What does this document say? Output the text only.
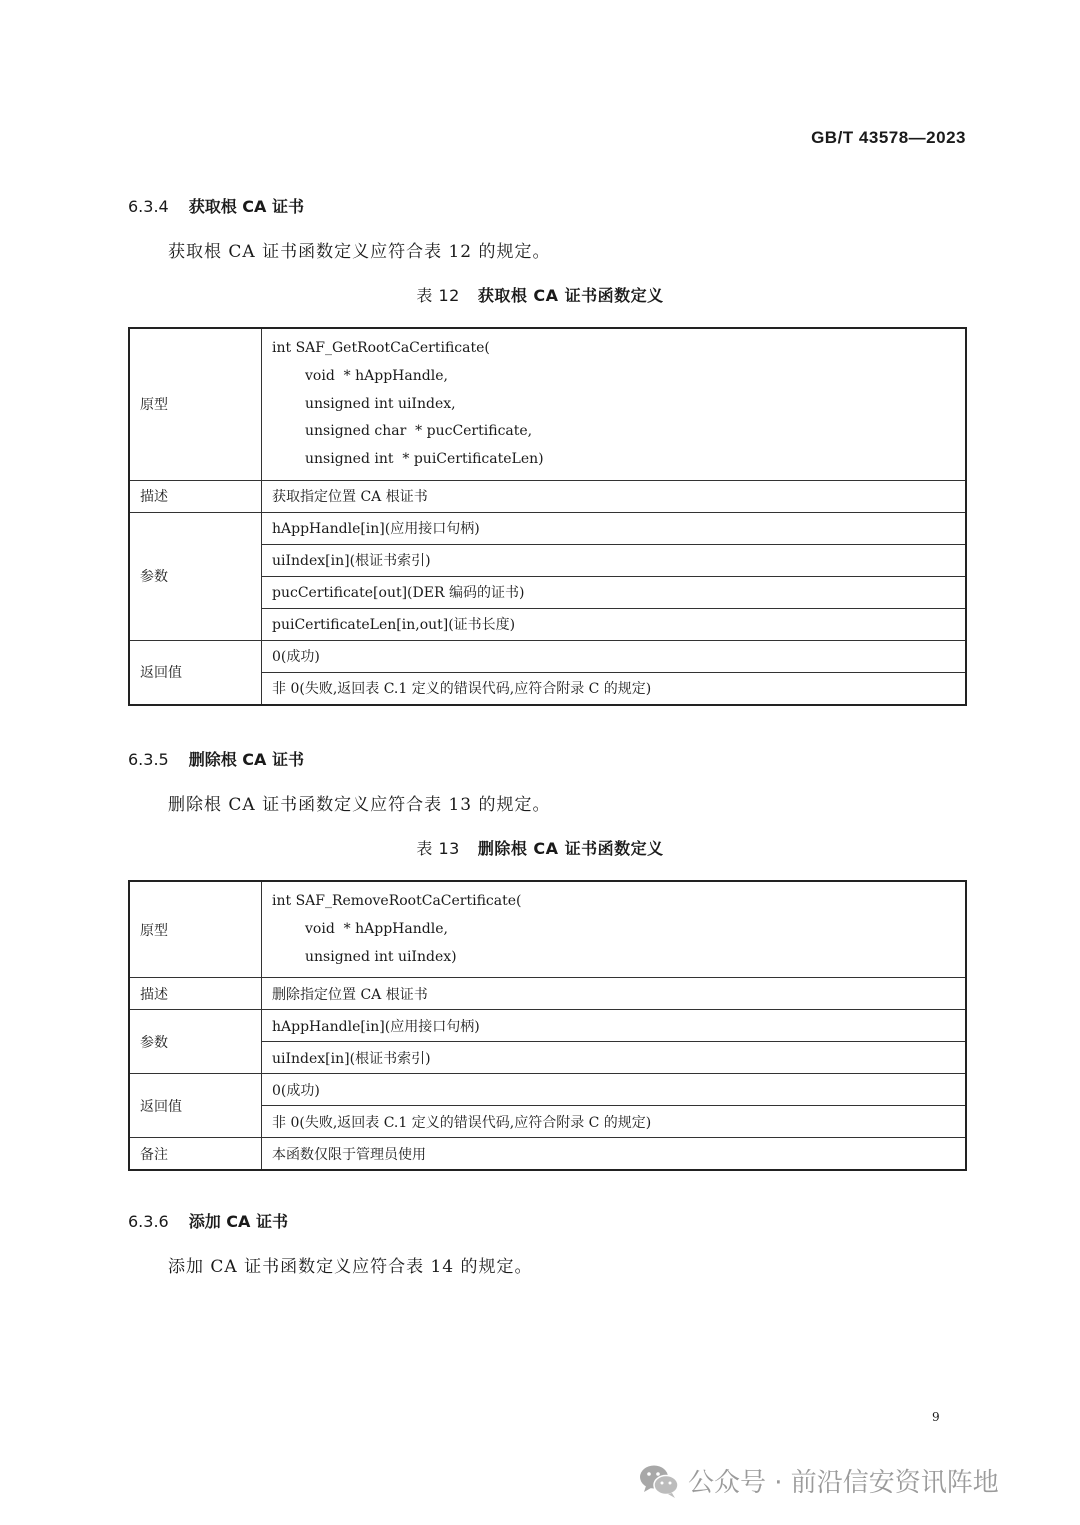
GB/T 43578—2023
6.3.4 获取根 CA 证书
获取根 CA 证书函数定义应符合表 12 的规定。
表 12 获取根 CA 证书函数定义
原型	int SAF_GetRootCaCertificate(
void  * hAppHandle,
unsigned int uiIndex,
unsigned char  * pucCertificate,
unsigned int  * puiCertificateLen)

描述	获取指定位置 CA 根证书
参数	hAppHandle[in](应用接口句柄)
	uiIndex[in](根证书索引)
	pucCertificate[out](DER 编码的证书)
	puiCertificateLen[in,out](证书长度)
返回值	0(成功)
	非 0(失败,返回表 C.1 定义的错误代码,应符合附录 C 的规定)
6.3.5 删除根 CA 证书
删除根 CA 证书函数定义应符合表 13 的规定。
表 13 删除根 CA 证书函数定义
原型	int SAF_RemoveRootCaCertificate(
void  * hAppHandle,
unsigned int uiIndex)

描述	删除指定位置 CA 根证书
参数	hAppHandle[in](应用接口句柄)
	uiIndex[in](根证书索引)
返回值	0(成功)
	非 0(失败,返回表 C.1 定义的错误代码,应符合附录 C 的规定)
备注	本函数仅限于管理员使用
6.3.6 添加 CA 证书
添加 CA 证书函数定义应符合表 14 的规定。
9
公众号 · 前沿信安资讯阵地
